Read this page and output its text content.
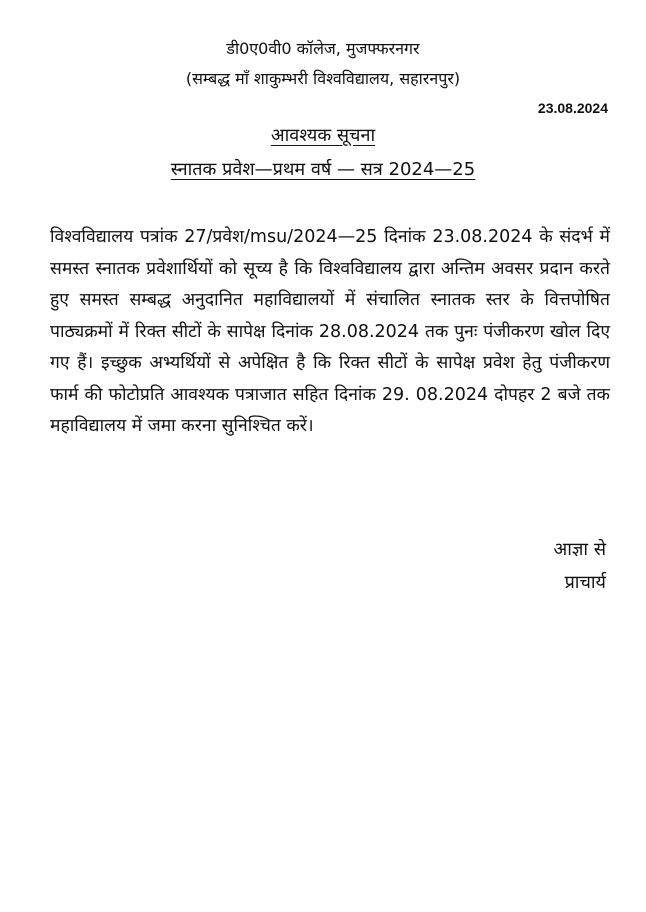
डी0ए0वी0 कॉलेज, मुजफ्फरनगर
(सम्बद्ध माँ शाकुम्भरी विश्वविद्यालय, सहारनपुर)
23.08.2024
आवश्यक सूचना
स्नातक प्रवेश—प्रथम वर्ष — सत्र 2024—25
विश्वविद्यालय पत्रांक 27/प्रवेश/msu/2024—25 दिनांक 23.08.2024 के संदर्भ में समस्त स्नातक प्रवेशार्थियों को सूच्य है कि विश्वविद्यालय द्वारा अन्तिम अवसर प्रदान करते हुए समस्त सम्बद्ध अनुदानित महाविद्यालयों में संचालित स्नातक स्तर के वित्तपोषित पाठ्यक्रमों में रिक्त सीटों के सापेक्ष दिनांक 28.08.2024 तक पुनः पंजीकरण खोल दिए गए हैं। इच्छुक अभ्यर्थियों से अपेक्षित है कि रिक्त सीटों के सापेक्ष प्रवेश हेतु पंजीकरण फार्म की फोटोप्रति आवश्यक पत्राजात सहित दिनांक 29. 08.2024 दोपहर 2 बजे तक महाविद्यालय में जमा करना सुनिश्चित करें।
आज्ञा से
प्राचार्य
